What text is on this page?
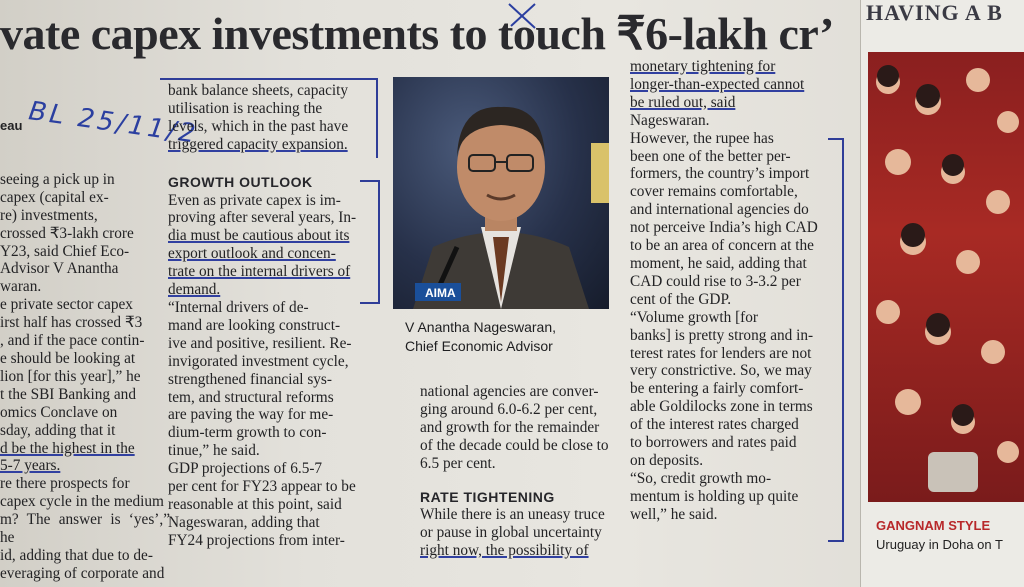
vate capex investments to touch ₹6-lakh cr’
BL 25/11/2

eau

seeing a pick up in

capex (capital ex-

re) investments,

crossed ₹3-lakh crore

Y23, said Chief Eco-

Advisor V Anantha

waran.

e private sector capex

irst half has crossed ₹3

, and if the pace contin-

e should be looking at

lion [for this year],” he

t the SBI Banking and

omics Conclave on

sday, adding that it

d be the highest in the

5-7 years.

re there prospects for

capex cycle in the medium

m? The answer is ‘yes’,” he

id, adding that due to de-

everaging of corporate and

bank balance sheets, capacity

utilisation is reaching the

levels, which in the past have

triggered capacity expansion.

GROWTH OUTLOOK

Even as private capex is im-

proving after several years, In-

dia must be cautious about its

export outlook and concen-

trate on the internal drivers of

demand.

“Internal drivers of de-

mand are looking construct-

ive and positive, resilient. Re-

invigorated investment cycle,

strengthened financial sys-

tem, and structural reforms

are paving the way for me-

dium-term growth to con-

tinue,” he said.

GDP projections of 6.5-7

per cent for FY23 appear to be

reasonable at this point, said

Nageswaran, adding that

FY24 projections from inter-

AIMA
V Anantha Nageswaran,
Chief Economic Advisor

national agencies are conver-

ging around 6.0-6.2 per cent,

and growth for the remainder

of the decade could be close to

6.5 per cent.

RATE TIGHTENING

While there is an uneasy truce

or pause in global uncertainty

right now, the possibility of

monetary tightening for

longer-than-expected cannot

be ruled out, said

Nageswaran.

However, the rupee has

been one of the better per-

formers, the country’s import

cover remains comfortable,

and international agencies do

not perceive India’s high CAD

to be an area of concern at the

moment, he said, adding that

CAD could rise to 3-3.2 per

cent of the GDP.

“Volume growth [for

banks] is pretty strong and in-

terest rates for lenders are not

very constrictive. So, we may

be entering a fairly comfort-

able Goldilocks zone in terms

of the interest rates charged

to borrowers and rates paid

on deposits.

“So, credit growth mo-

mentum is holding up quite

well,” he said.

HAVING A B
GANGNAM STYLE
Uruguay in Doha on T
